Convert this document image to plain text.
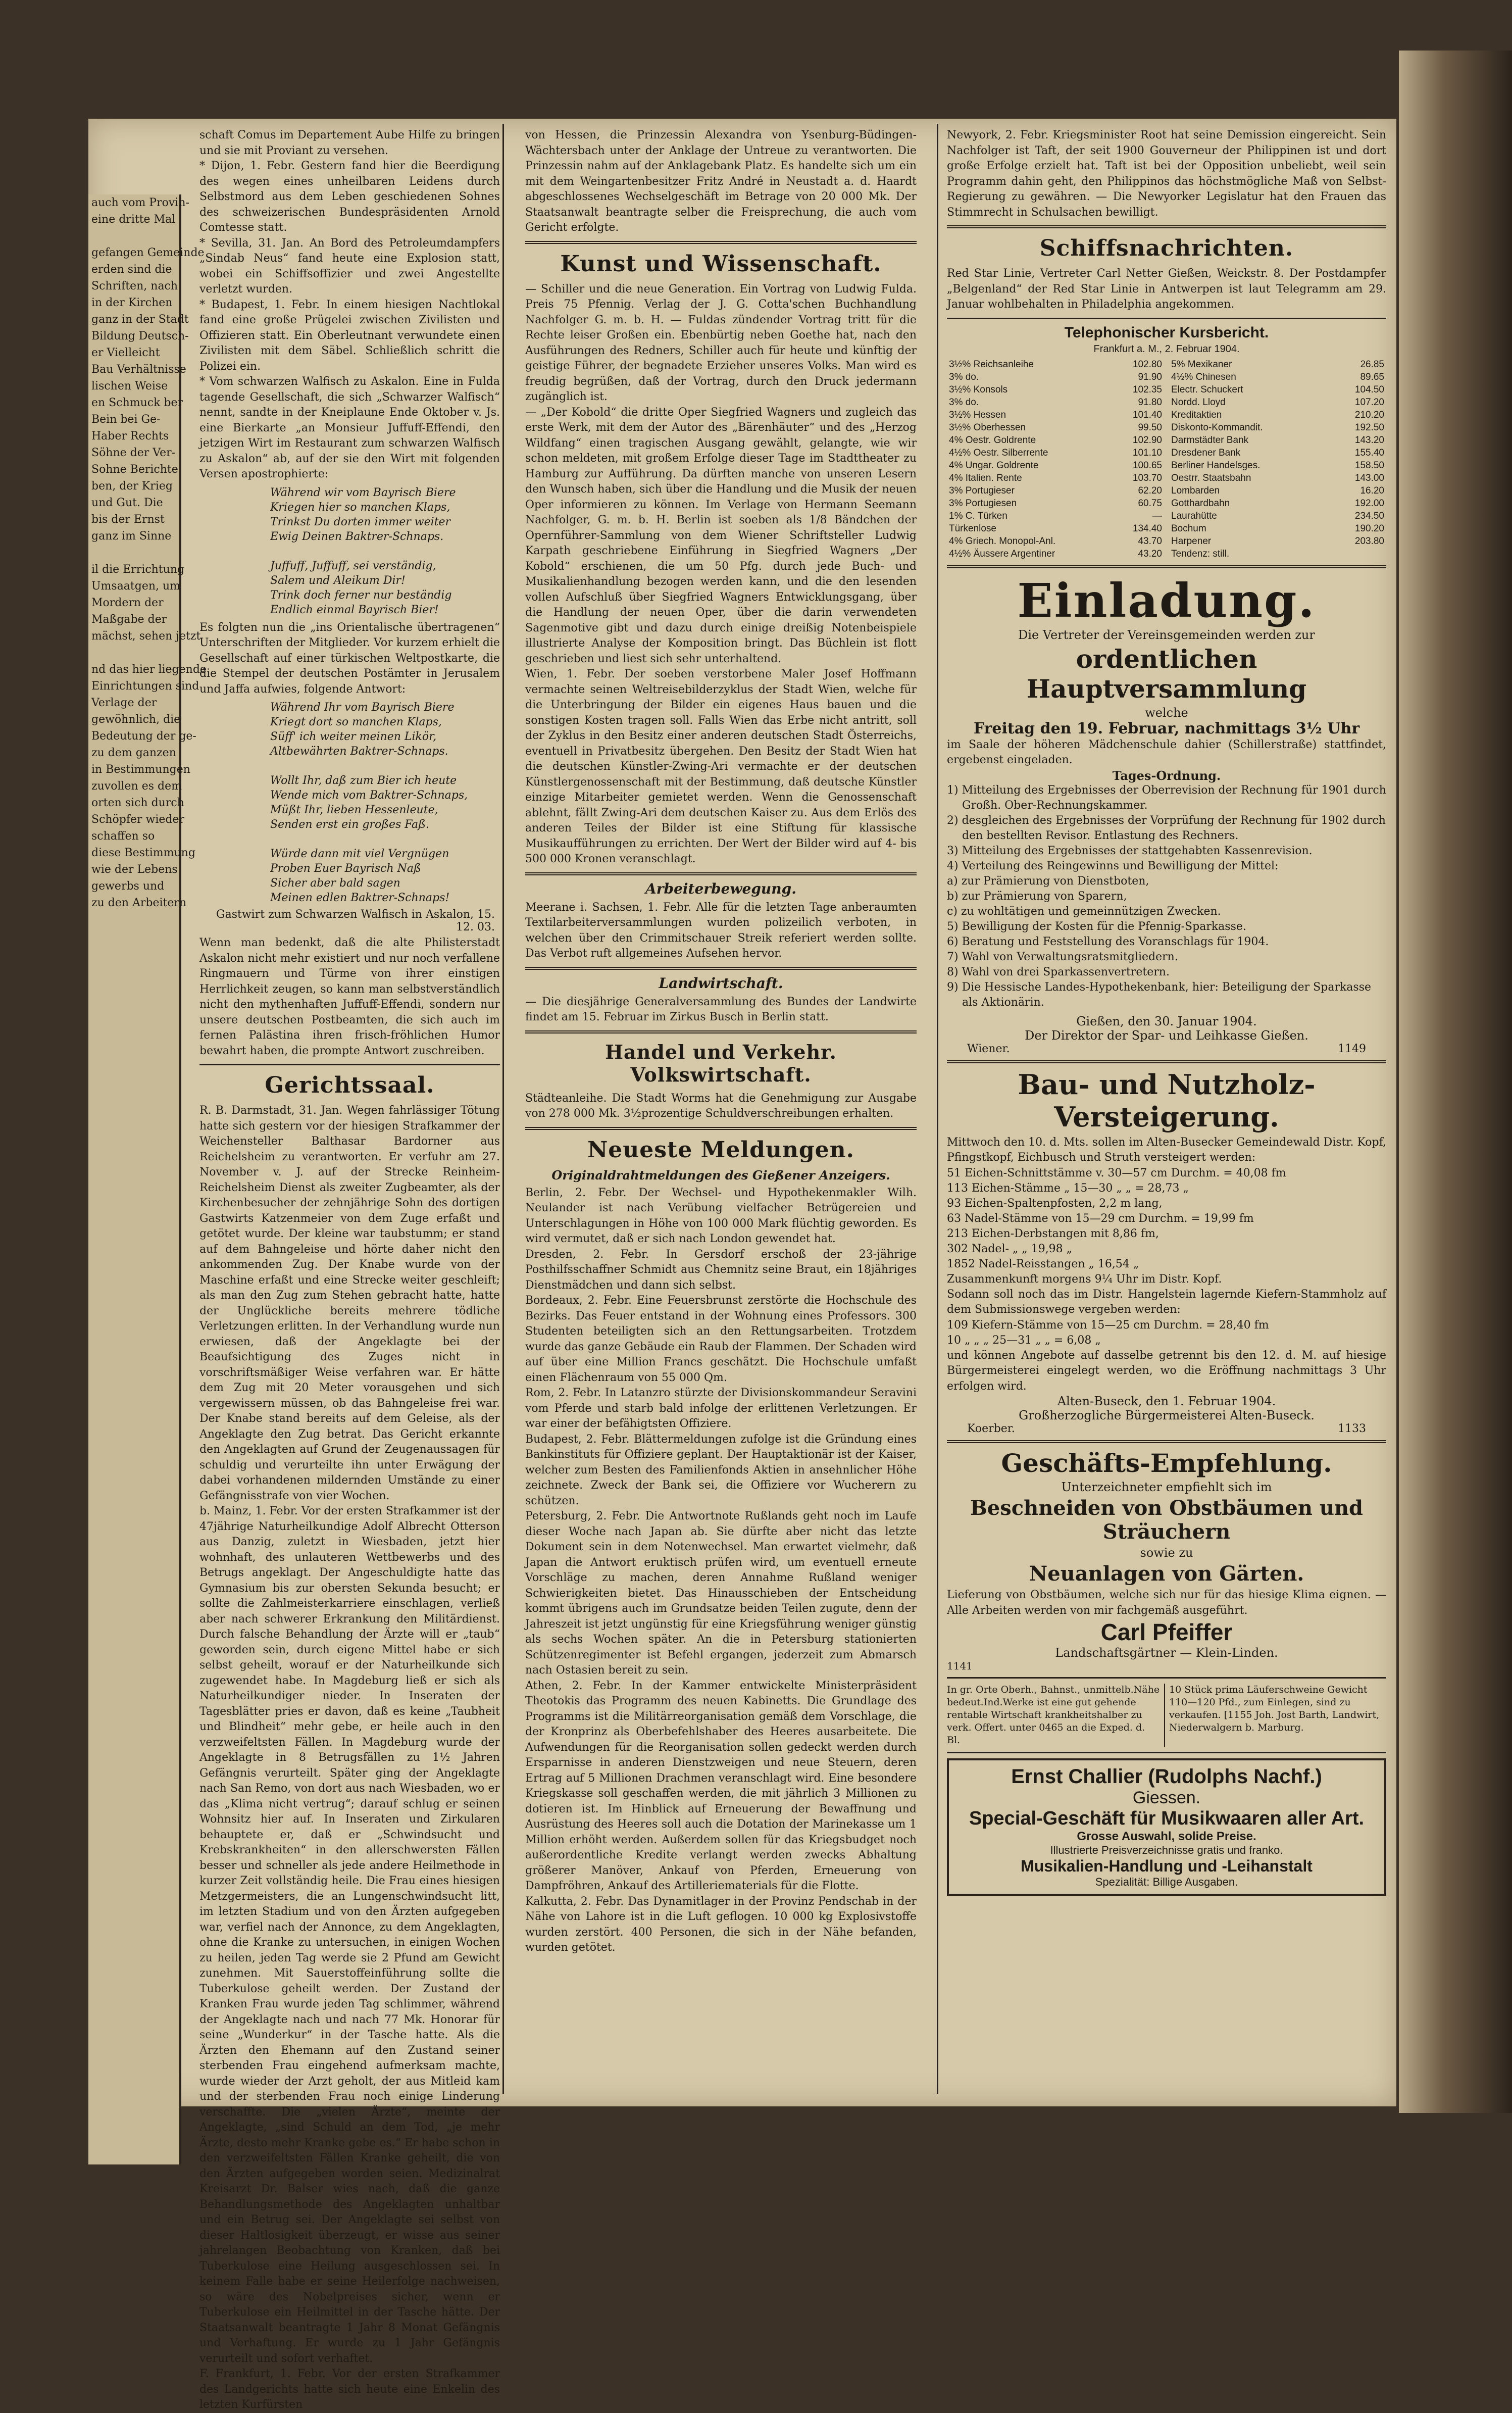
auch vom Provin-

eine dritte Mal

gefangen Gemeinde

erden sind die

Schriften, nach

in der Kirchen

ganz in der Stadt

Bildung Deutsch-

er Vielleicht

Bau Verhältnisse

lischen Weise

en Schmuck ber

Bein bei Ge-

Haber Rechts

Söhne der Ver-

Sohne Berichte

ben, der Krieg

und Gut. Die

bis der Ernst

ganz im Sinne

il die Errichtung

Umsaatgen, um

Mordern der

Maßgabe der

mächst, sehen jetzt

nd das hier liegende

Einrichtungen sind

Verlage der

gewöhnlich, die

Bedeutung der ge-

zu dem ganzen

in Bestimmungen

zuvollen es dem

orten sich durch

Schöpfer wieder

schaffen so

diese Bestimmung

wie der Lebens

gewerbs und

zu den Arbeitern

schaft Comus im Departement Aube Hilfe zu bringen und sie mit Proviant zu versehen.

* Dijon, 1. Febr. Gestern fand hier die Beerdigung des wegen eines unheilbaren Leidens durch Selbstmord aus dem Leben geschiedenen Sohnes des schweizerischen Bundespräsidenten Arnold Comtesse statt.

* Sevilla, 31. Jan. An Bord des Petroleumdampfers „Sindab Neus“ fand heute eine Explosion statt, wobei ein Schiffsoffizier und zwei Angestellte verletzt wurden.

* Budapest, 1. Febr. In einem hiesigen Nachtlokal fand eine große Prügelei zwischen Zivilisten und Offizieren statt. Ein Oberleutnant verwundete einen Zivilisten mit dem Säbel. Schließlich schritt die Polizei ein.

* Vom schwarzen Walfisch zu Askalon. Eine in Fulda tagende Gesellschaft, die sich „Schwarzer Walfisch“ nennt, sandte in der Kneiplaune Ende Oktober v. Js. eine Bierkarte „an Monsieur Juffuff-Effendi, den jetzigen Wirt im Restaurant zum schwarzen Walfisch zu Askalon“ ab, auf der sie den Wirt mit folgenden Versen apostrophierte:

Während wir vom Bayrisch Biere
Kriegen hier so manchen Klaps,
Trinkst Du dorten immer weiter
Ewig Deinen Baktrer-Schnaps.

Juffuff, Juffuff, sei verständig,
Salem und Aleikum Dir!
Trink doch ferner nur beständig
Endlich einmal Bayrisch Bier!

Es folgten nun die „ins Orientalische übertragenen“ Unterschriften der Mitglieder. Vor kurzem erhielt die Gesellschaft auf einer türkischen Weltpostkarte, die die Stempel der deutschen Postämter in Jerusalem und Jaffa aufwies, folgende Antwort:

Während Ihr vom Bayrisch Biere
Kriegt dort so manchen Klaps,
Süff' ich weiter meinen Likör,
Altbewährten Baktrer-Schnaps.

Wollt Ihr, daß zum Bier ich heute
Wende mich vom Baktrer-Schnaps,
Müßt Ihr, lieben Hessenleute,
Senden erst ein großes Faß.

Würde dann mit viel Vergnügen
Proben Euer Bayrisch Naß
Sicher aber bald sagen
Meinen edlen Baktrer-Schnaps!
Gastwirt zum Schwarzen Walfisch in Askalon, 15. 12. 03.

Wenn man bedenkt, daß die alte Philisterstadt Askalon nicht mehr existiert und nur noch verfallene Ringmauern und Türme von ihrer einstigen Herrlichkeit zeugen, so kann man selbstverständlich nicht den mythenhaften Juffuff-Effendi, sondern nur unsere deutschen Postbeamten, die sich auch im fernen Palästina ihren frisch-fröhlichen Humor bewahrt haben, die prompte Antwort zuschreiben.

Gerichtssaal.

R. B. Darmstadt, 31. Jan. Wegen fahrlässiger Tötung hatte sich gestern vor der hiesigen Strafkammer der Weichensteller Balthasar Bardorner aus Reichelsheim zu verantworten. Er verfuhr am 27. November v. J. auf der Strecke Reinheim-Reichelsheim Dienst als zweiter Zugbeamter, als der Kirchenbesucher der zehnjährige Sohn des dortigen Gastwirts Katzenmeier von dem Zuge erfaßt und getötet wurde. Der kleine war taubstumm; er stand auf dem Bahngeleise und hörte daher nicht den ankommenden Zug. Der Knabe wurde von der Maschine erfaßt und eine Strecke weiter geschleift; als man den Zug zum Stehen gebracht hatte, hatte der Unglückliche bereits mehrere tödliche Verletzungen erlitten. In der Verhandlung wurde nun erwiesen, daß der Angeklagte bei der Beaufsichtigung des Zuges nicht in vorschriftsmäßiger Weise verfahren war. Er hätte dem Zug mit 20 Meter vorausgehen und sich vergewissern müssen, ob das Bahngeleise frei war. Der Knabe stand bereits auf dem Geleise, als der Angeklagte den Zug betrat. Das Gericht erkannte den Angeklagten auf Grund der Zeugenaussagen für schuldig und verurteilte ihn unter Erwägung der dabei vorhandenen mildernden Umstände zu einer Gefängnisstrafe von vier Wochen.

b. Mainz, 1. Febr. Vor der ersten Strafkammer ist der 47jährige Naturheilkundige Adolf Albrecht Otterson aus Danzig, zuletzt in Wiesbaden, jetzt hier wohnhaft, des unlauteren Wettbewerbs und des Betrugs angeklagt. Der Angeschuldigte hatte das Gymnasium bis zur obersten Sekunda besucht; er sollte die Zahlmeisterkarriere einschlagen, verließ aber nach schwerer Erkrankung den Militärdienst. Durch falsche Behandlung der Ärzte will er „taub“ geworden sein, durch eigene Mittel habe er sich selbst geheilt, worauf er der Naturheilkunde sich zugewendet habe. In Magdeburg ließ er sich als Naturheilkundiger nieder. In Inseraten der Tagesblätter pries er davon, daß es keine „Taubheit und Blindheit“ mehr gebe, er heile auch in den verzweifeltsten Fällen. In Magdeburg wurde der Angeklagte in 8 Betrugsfällen zu 1½ Jahren Gefängnis verurteilt. Später ging der Angeklagte nach San Remo, von dort aus nach Wiesbaden, wo er das „Klima nicht vertrug“; darauf schlug er seinen Wohnsitz hier auf. In Inseraten und Zirkularen behauptete er, daß er „Schwindsucht und Krebskrankheiten“ in den allerschwersten Fällen besser und schneller als jede andere Heilmethode in kurzer Zeit vollständig heile. Die Frau eines hiesigen Metzgermeisters, die an Lungenschwindsucht litt, im letzten Stadium und von den Ärzten aufgegeben war, verfiel nach der Annonce, zu dem Angeklagten, ohne die Kranke zu untersuchen, in einigen Wochen zu heilen, jeden Tag werde sie 2 Pfund am Gewicht zunehmen. Mit Sauerstoffeinführung sollte die Tuberkulose geheilt werden. Der Zustand der Kranken Frau wurde jeden Tag schlimmer, während der Angeklagte nach und nach 77 Mk. Honorar für seine „Wunderkur“ in der Tasche hatte. Als die Ärzten den Ehemann auf den Zustand seiner sterbenden Frau eingehend aufmerksam machte, wurde wieder der Arzt geholt, der aus Mitleid kam und der sterbenden Frau noch einige Linderung verschaffte. Die „vielen Ärzte“, meinte der Angeklagte, „sind Schuld an dem Tod, „je mehr Ärzte, desto mehr Kranke gebe es.“ Er habe schon in den verzweifeltsten Fällen Kranke geheilt, die von den Ärzten aufgegeben worden seien. Medizinalrat Kreisarzt Dr. Balser wies nach, daß die ganze Behandlungsmethode des Angeklagten unhaltbar und ein Betrug sei. Der Angeklagte sei selbst von dieser Haltlosigkeit überzeugt, er wisse aus seiner jahrelangen Beobachtung von Kranken, daß bei Tuberkulose eine Heilung ausgeschlossen sei. In keinem Falle habe er seine Heilerfolge nachweisen, so wäre des Nobelpreises sicher, wenn er Tuberkulose ein Heilmittel in der Tasche hätte. Der Staatsanwalt beantragte 1 Jahr 8 Monat Gefängnis und Verhaftung. Er wurde zu 1 Jahr Gefängnis verurteilt und sofort verhaftet.

F. Frankfurt, 1. Febr. Vor der ersten Strafkammer des Landgerichts hatte sich heute eine Enkelin des letzten Kurfürsten

von Hessen, die Prinzessin Alexandra von Ysenburg-Büdingen-Wächtersbach unter der Anklage der Untreue zu verantworten. Die Prinzessin nahm auf der Anklagebank Platz. Es handelte sich um ein mit dem Weingartenbesitzer Fritz André in Neustadt a. d. Haardt abgeschlossenes Wechselgeschäft im Betrage von 20 000 Mk. Der Staatsanwalt beantragte selber die Freisprechung, die auch vom Gericht erfolgte.

Kunst und Wissenschaft.

— Schiller und die neue Generation. Ein Vortrag von Ludwig Fulda. Preis 75 Pfennig. Verlag der J. G. Cotta'schen Buchhandlung Nachfolger G. m. b. H. — Fuldas zündender Vortrag tritt für die Rechte leiser Großen ein. Ebenbürtig neben Goethe hat, nach den Ausführungen des Redners, Schiller auch für heute und künftig der geistige Führer, der begnadete Erzieher unseres Volks. Man wird es freudig begrüßen, daß der Vortrag, durch den Druck jedermann zugänglich ist.

— „Der Kobold“ die dritte Oper Siegfried Wagners und zugleich das erste Werk, mit dem der Autor des „Bärenhäuter“ und des „Herzog Wildfang“ einen tragischen Ausgang gewählt, gelangte, wie wir schon meldeten, mit großem Erfolge dieser Tage im Stadttheater zu Hamburg zur Aufführung. Da dürften manche von unseren Lesern den Wunsch haben, sich über die Handlung und die Musik der neuen Oper informieren zu können. Im Verlage von Hermann Seemann Nachfolger, G. m. b. H. Berlin ist soeben als 1/8 Bändchen der Opernführer-Sammlung von dem Wiener Schriftsteller Ludwig Karpath geschriebene Einführung in Siegfried Wagners „Der Kobold“ erschienen, die um 50 Pfg. durch jede Buch- und Musikalienhandlung bezogen werden kann, und die den lesenden vollen Aufschluß über Siegfried Wagners Entwicklungsgang, über die Handlung der neuen Oper, über die darin verwendeten Sagenmotive gibt und dazu durch einige dreißig Notenbeispiele illustrierte Analyse der Komposition bringt. Das Büchlein ist flott geschrieben und liest sich sehr unterhaltend.

Wien, 1. Febr. Der soeben verstorbene Maler Josef Hoffmann vermachte seinen Weltreisebilderzyklus der Stadt Wien, welche für die Unterbringung der Bilder ein eigenes Haus bauen und die sonstigen Kosten tragen soll. Falls Wien das Erbe nicht antritt, soll der Zyklus in den Besitz einer anderen deutschen Stadt Österreichs, eventuell in Privatbesitz übergehen. Den Besitz der Stadt Wien hat die deutschen Künstler-Zwing-Ari vermachte er der deutschen Künstlergenossenschaft mit der Bestimmung, daß deutsche Künstler einzige Mitarbeiter gemietet werden. Wenn die Genossenschaft ablehnt, fällt Zwing-Ari dem deutschen Kaiser zu. Aus dem Erlös des anderen Teiles der Bilder ist eine Stiftung für klassische Musikaufführungen zu errichten. Der Wert der Bilder wird auf 4- bis 500 000 Kronen veranschlagt.

Arbeiterbewegung.

Meerane i. Sachsen, 1. Febr. Alle für die letzten Tage anberaumten Textilarbeiterversammlungen wurden polizeilich verboten, in welchen über den Crimmitschauer Streik referiert werden sollte. Das Verbot ruft allgemeines Aufsehen hervor.

Landwirtschaft.

— Die diesjährige Generalversammlung des Bundes der Landwirte findet am 15. Februar im Zirkus Busch in Berlin statt.

Handel und Verkehr. Volkswirtschaft.

Städteanleihe. Die Stadt Worms hat die Genehmigung zur Ausgabe von 278 000 Mk. 3½prozentige Schuldverschreibungen erhalten.

Neueste Meldungen.
Originaldrahtmeldungen des Gießener Anzeigers.

Berlin, 2. Febr. Der Wechsel- und Hypothekenmakler Wilh. Neulander ist nach Verübung vielfacher Betrügereien und Unterschlagungen in Höhe von 100 000 Mark flüchtig geworden. Es wird vermutet, daß er sich nach London gewendet hat.

Dresden, 2. Febr. In Gersdorf erschoß der 23-jährige Posthilfsschaffner Schmidt aus Chemnitz seine Braut, ein 18jähriges Dienstmädchen und dann sich selbst.

Bordeaux, 2. Febr. Eine Feuersbrunst zerstörte die Hochschule des Bezirks. Das Feuer entstand in der Wohnung eines Professors. 300 Studenten beteiligten sich an den Rettungsarbeiten. Trotzdem wurde das ganze Gebäude ein Raub der Flammen. Der Schaden wird auf über eine Million Francs geschätzt. Die Hochschule umfaßt einen Flächenraum von 55 000 Qm.

Rom, 2. Febr. In Latanzro stürzte der Divisionskommandeur Seravini vom Pferde und starb bald infolge der erlittenen Verletzungen. Er war einer der befähigtsten Offiziere.

Budapest, 2. Febr. Blättermeldungen zufolge ist die Gründung eines Bankinstituts für Offiziere geplant. Der Hauptaktionär ist der Kaiser, welcher zum Besten des Familienfonds Aktien in ansehnlicher Höhe zeichnete. Zweck der Bank sei, die Offiziere vor Wucherern zu schützen.

Petersburg, 2. Febr. Die Antwortnote Rußlands geht noch im Laufe dieser Woche nach Japan ab. Sie dürfte aber nicht das letzte Dokument sein in dem Notenwechsel. Man erwartet vielmehr, daß Japan die Antwort eruktisch prüfen wird, um eventuell erneute Vorschläge zu machen, deren Annahme Rußland weniger Schwierigkeiten bietet. Das Hinausschieben der Entscheidung kommt übrigens auch im Grundsatze beiden Teilen zugute, denn der Jahreszeit ist jetzt ungünstig für eine Kriegsführung weniger günstig als sechs Wochen später. An die in Petersburg stationierten Schützenregimenter ist Befehl ergangen, jederzeit zum Abmarsch nach Ostasien bereit zu sein.

Athen, 2. Febr. In der Kammer entwickelte Ministerpräsident Theotokis das Programm des neuen Kabinetts. Die Grundlage des Programms ist die Militärreorganisation gemäß dem Vorschlage, die der Kronprinz als Oberbefehlshaber des Heeres ausarbeitete. Die Aufwendungen für die Reorganisation sollen gedeckt werden durch Ersparnisse in anderen Dienstzweigen und neue Steuern, deren Ertrag auf 5 Millionen Drachmen veranschlagt wird. Eine besondere Kriegskasse soll geschaffen werden, die mit jährlich 3 Millionen zu dotieren ist. Im Hinblick auf Erneuerung der Bewaffnung und Ausrüstung des Heeres soll auch die Dotation der Marinekasse um 1 Million erhöht werden. Außerdem sollen für das Kriegsbudget noch außerordentliche Kredite verlangt werden zwecks Abhaltung größerer Manöver, Ankauf von Pferden, Erneuerung von Dampfröhren, Ankauf des Artilleriematerials für die Flotte.

Kalkutta, 2. Febr. Das Dynamitlager in der Provinz Pendschab in der Nähe von Lahore ist in die Luft geflogen. 10 000 kg Explosivstoffe wurden zerstört. 400 Personen, die sich in der Nähe befanden, wurden getötet.

Newyork, 2. Febr. Kriegsminister Root hat seine Demission eingereicht. Sein Nachfolger ist Taft, der seit 1900 Gouverneur der Philippinen ist und dort große Erfolge erzielt hat. Taft ist bei der Opposition unbeliebt, weil sein Programm dahin geht, den Philippinos das höchstmögliche Maß von Selbst-Regierung zu gewähren. — Die Newyorker Legislatur hat den Frauen das Stimmrecht in Schulsachen bewilligt.

Schiffsnachrichten.

Red Star Linie, Vertreter Carl Netter Gießen, Weickstr. 8. Der Postdampfer „Belgenland“ der Red Star Linie in Antwerpen ist laut Telegramm am 29. Januar wohlbehalten in Philadelphia angekommen.

Telephonischer Kursbericht.
Frankfurt a. M., 2. Februar 1904.
3½% Reichsanleihe	102.80
3% do.	91.90
3½% Konsols	102.35
3% do.	91.80
3½% Hessen	101.40
3½% Oberhessen	99.50
4% Oestr. Goldrente	102.90
4½% Oestr. Silberrente	101.10
4% Ungar. Goldrente	100.65
4% Italien. Rente	103.70
3% Portugieser	62.20
3% Portugiesen	60.75
1% C. Türken	—
Türkenlose	134.40
4% Griech. Monopol-Anl.	43.70
4½% Äussere Argentiner	43.20
5% Mexikaner	26.85
4½% Chinesen	89.65
Electr. Schuckert	104.50
Nordd. Lloyd	107.20
Kreditaktien	210.20
Diskonto-Kommandit.	192.50
Darmstädter Bank	143.20
Dresdener Bank	155.40
Berliner Handelsges.	158.50
Oestrr. Staatsbahn	143.00
Lombarden	16.20
Gotthardbahn	192.00
Laurahütte	234.50
Bochum	190.20
Harpener	203.80
Tendenz: still.	
Einladung.
Die Vertreter der Vereinsgemeinden werden zur
ordentlichen Hauptversammlung
welche
Freitag den 19. Februar, nachmittags 3½ Uhr

im Saale der höheren Mädchenschule dahier (Schillerstraße) stattfindet, ergebenst eingeladen.

Tages-Ordnung.

1) Mitteilung des Ergebnisses der Oberrevision der Rechnung für 1901 durch Großh. Ober-Rechnungskammer.

2) desgleichen des Ergebnisses der Vorprüfung der Rechnung für 1902 durch den bestellten Revisor. Entlastung des Rechners.

3) Mitteilung des Ergebnisses der stattgehabten Kassenrevision.

4) Verteilung des Reingewinns und Bewilligung der Mittel:

a) zur Prämierung von Dienstboten,

b) zur Prämierung von Sparern,

c) zu wohltätigen und gemeinnützigen Zwecken.

5) Bewilligung der Kosten für die Pfennig-Sparkasse.

6) Beratung und Feststellung des Voranschlags für 1904.

7) Wahl von Verwaltungsratsmitgliedern.

8) Wahl von drei Sparkassenvertretern.

9) Die Hessische Landes-Hypothekenbank, hier: Beteiligung der Sparkasse als Aktionärin.

Gießen, den 30. Januar 1904.
Der Direktor der Spar- und Leihkasse Gießen.
Wiener.	1149
Bau- und Nutzholz-Versteigerung.

Mittwoch den 10. d. Mts. sollen im Alten-Busecker Gemeindewald Distr. Kopf, Pfingstkopf, Eichbusch und Struth versteigert werden:

51 Eichen-Schnittstämme v. 30—57 cm Durchm. = 40,08 fm

113 Eichen-Stämme „ 15—30 „ „ = 28,73 „

93 Eichen-Spaltenpfosten, 2,2 m lang,

63 Nadel-Stämme von 15—29 cm Durchm. = 19,99 fm

213 Eichen-Derbstangen mit 8,86 fm,

302 Nadel- „ „ 19,98 „

1852 Nadel-Reisstangen „ 16,54 „

Zusammenkunft morgens 9¼ Uhr im Distr. Kopf.

Sodann soll noch das im Distr. Hangelstein lagernde Kiefern-Stammholz auf dem Submissionswege vergeben werden:

109 Kiefern-Stämme von 15—25 cm Durchm. = 28,40 fm

10 „ „ „ 25—31 „ „ = 6,08 „

und können Angebote auf dasselbe getrennt bis den 12. d. M. auf hiesige Bürgermeisterei eingelegt werden, wo die Eröffnung nachmittags 3 Uhr erfolgen wird.

Alten-Buseck, den 1. Februar 1904.
Großherzogliche Bürgermeisterei Alten-Buseck.
Koerber.	1133
Geschäfts-Empfehlung.
Unterzeichneter empfiehlt sich im
Beschneiden von Obstbäumen und Sträuchern
sowie zu
Neuanlagen von Gärten.

Lieferung von Obstbäumen, welche sich nur für das hiesige Klima eignen. — Alle Arbeiten werden von mir fachgemäß ausgeführt.

Carl Pfeiffer
Landschaftsgärtner — Klein-Linden.
1141
In gr. Orte Oberh., Bahnst., unmittelb.Nähe bedeut.Ind.Werke ist eine gut gehende rentable Wirtschaft krankheitshalber zu verk. Offert. unter 0465 an die Exped. d. Bl.
10 Stück prima Läuferschweine Gewicht 110—120 Pfd., zum Einlegen, sind zu verkaufen. [1155 Joh. Jost Barth, Landwirt, Niederwalgern b. Marburg.
Ernst Challier (Rudolphs Nachf.)
Giessen.
Special-Geschäft für Musikwaaren aller Art.
Grosse Auswahl, solide Preise.
Illustrierte Preisverzeichnisse gratis und franko.
Musikalien-Handlung und -Leihanstalt
Spezialität: Billige Ausgaben.
